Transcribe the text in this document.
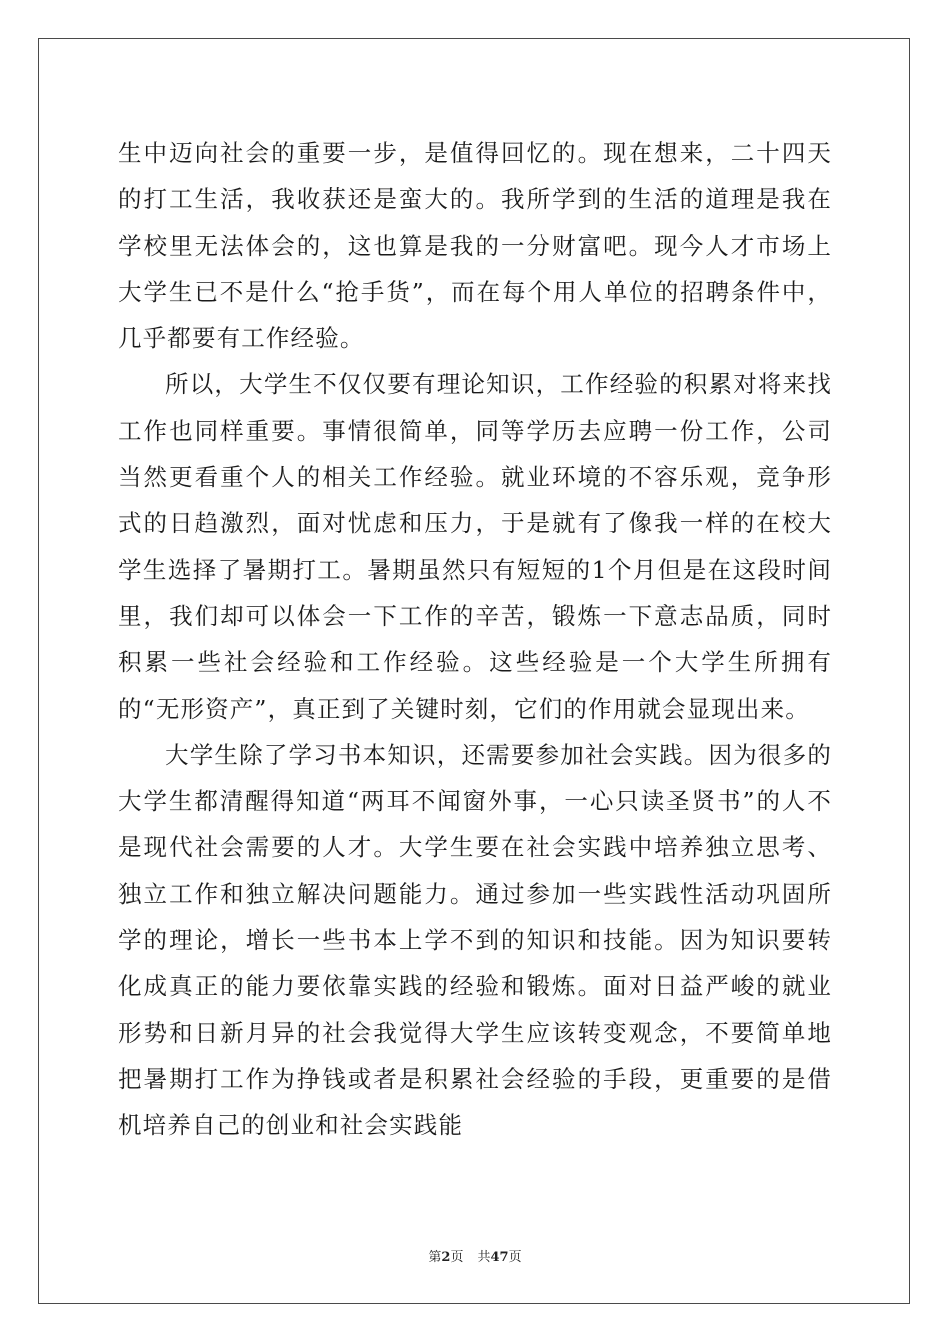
生中迈向社会的重要一步，是值得回忆的。现在想来，二十四天的打工生活，我收获还是蛮大的。我所学到的生活的道理是我在学校里无法体会的，这也算是我的一分财富吧。现今人才市场上大学生已不是什么“抢手货”，而在每个用人单位的招聘条件中，几乎都要有工作经验。

所以，大学生不仅仅要有理论知识，工作经验的积累对将来找工作也同样重要。事情很简单，同等学历去应聘一份工作，公司当然更看重个人的相关工作经验。就业环境的不容乐观，竞争形式的日趋激烈，面对忧虑和压力，于是就有了像我一样的在校大学生选择了暑期打工。暑期虽然只有短短的1个月但是在这段时间里，我们却可以体会一下工作的辛苦，锻炼一下意志品质，同时积累一些社会经验和工作经验。这些经验是一个大学生所拥有的“无形资产”，真正到了关键时刻，它们的作用就会显现出来。

大学生除了学习书本知识，还需要参加社会实践。因为很多的大学生都清醒得知道“两耳不闻窗外事，一心只读圣贤书”的人不是现代社会需要的人才。大学生要在社会实践中培养独立思考、独立工作和独立解决问题能力。通过参加一些实践性活动巩固所学的理论，增长一些书本上学不到的知识和技能。因为知识要转化成真正的能力要依靠实践的经验和锻炼。面对日益严峻的就业形势和日新月异的社会我觉得大学生应该转变观念，不要简单地把暑期打工作为挣钱或者是积累社会经验的手段，更重要的是借机培养自己的创业和社会实践能

第2页 共47页
